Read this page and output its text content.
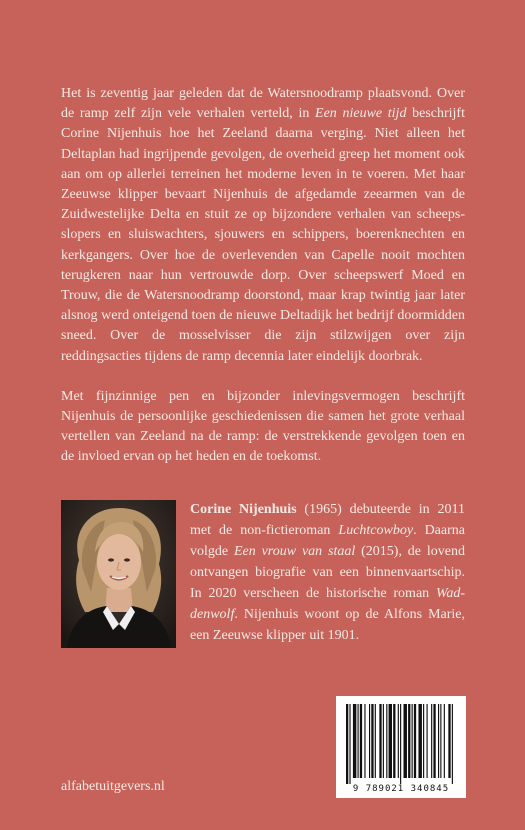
Het is zeventig jaar geleden dat de Watersnoodramp plaatsvond. Over de ramp zelf zijn vele verhalen verteld, in Een nieuwe tijd beschrijft Corine Nijenhuis hoe het Zeeland daarna verging. Niet alleen het Deltaplan had ingrijpende gevolgen, de overheid greep het moment ook aan om op allerlei terreinen het moderne leven in te voeren. Met haar Zeeuwse klipper bevaart Nijenhuis de afgedamde zeearmen van de Zuidwestelijke Delta en stuit ze op bijzondere verhalen van scheepsslopers en sluiswachters, sjouwers en schippers, boerenknechten en kerkgangers. Over hoe de overlevenden van Capelle nooit mochten terugkeren naar hun vertrouwde dorp. Over scheepswerf Moed en Trouw, die de Watersnoodramp doorstond, maar krap twintig jaar later alsnog werd onteigend toen de nieuwe Deltadijk het bedrijf doormidden sneed. Over de mosselvisser die zijn stilzwijgen over zijn reddingsacties tijdens de ramp decennia later eindelijk doorbrak.

Met fijnzinnige pen en bijzonder inlevingsvermogen beschrijft Nijenhuis de persoonlijke geschiedenissen die samen het grote verhaal vertellen van Zeeland na de ramp: de verstrekkende gevolgen toen en de invloed ervan op het heden en de toekomst.

Corine Nijenhuis (1965) debuteerde in 2011 met de non-fictieroman Luchtcowboy. Daarna volgde Een vrouw van staal (2015), de lovend ontvangen biografie van een binnenvaartschip. In 2020 verscheen de historische roman Waddenwolf. Nijenhuis woont op de Alfons Marie, een Zeeuwse klipper uit 1901.

9 789021 340845
alfabetuitgevers.nl
